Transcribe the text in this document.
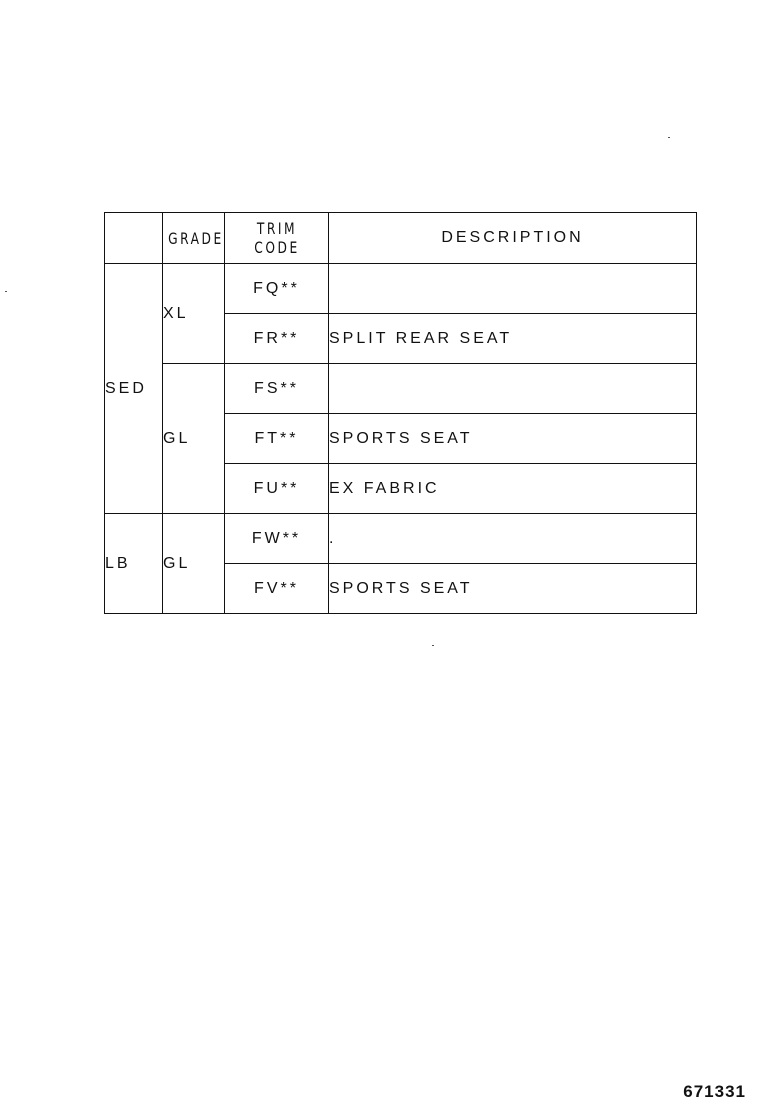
	GRADE	TRIM CODE	DESCRIPTION
SED	XL	FQ**	
		FR**	SPLIT REAR SEAT
	GL	FS**	
		FT**	SPORTS SEAT
		FU**	EX FABRIC
LB	GL	FW**	.
		FV**	SPORTS SEAT
671331
